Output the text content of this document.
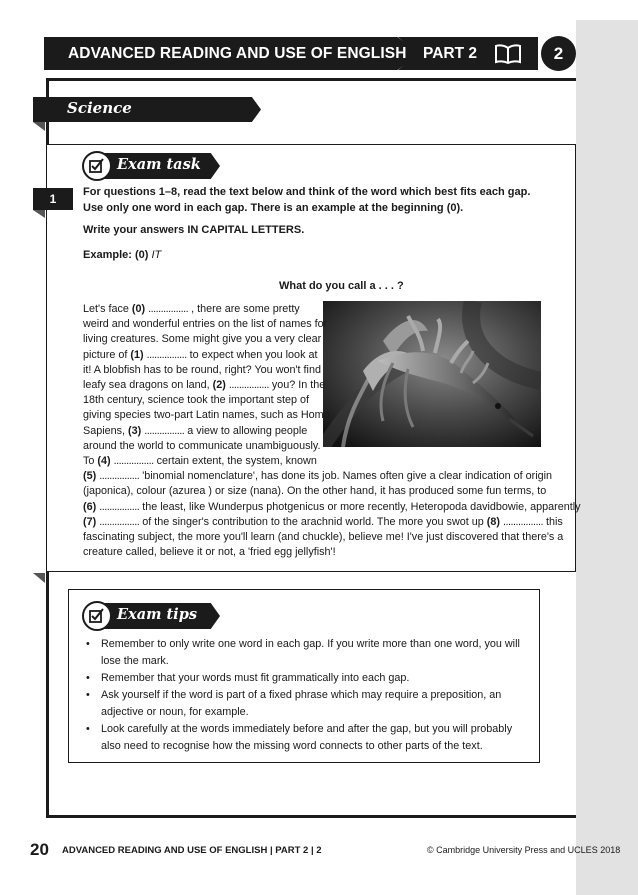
ADVANCED READING AND USE OF ENGLISH PART 2	2
Science
Exam task
1	For questions 1–8, read the text below and think of the word which best fits each gap. Use only one word in each gap. There is an example at the beginning (0).
Write your answers IN CAPITAL LETTERS.
Example: (0) IT
What do you call a . . . ?
Let's face (0) ................ , there are some pretty
weird and wonderful entries on the list of names for
living creatures. Some might give you a very clear
picture of (1) ................ to expect when you look at
it! A blobfish has to be round, right? You won't find
leafy sea dragons on land, (2) ................ you? In the
18th century, science took the important step of
giving species two-part Latin names, such as Homo
Sapiens, (3) ................ a view to allowing people
around the world to communicate unambiguously.
To (4) ................ certain extent, the system, known
(5) ................ 'binomial nomenclature', has done its job. Names often give a clear indication of origin
(japonica), colour (azurea ) or size (nana). On the other hand, it has produced some fun terms, to
(6) ................ the least, like Wunderpus photgenicus or more recently, Heteropoda davidbowie, apparently
(7) ................ of the singer's contribution to the arachnid world. The more you swot up (8) ................ this
fascinating subject, the more you'll learn (and chuckle), believe me! I've just discovered that there's a
creature called, believe it or not, a 'fried egg jellyfish'!
Exam tips
• Remember to only write one word in each gap. If you write more than one word, you will lose the mark.
• Remember that your words must fit grammatically into each gap.
• Ask yourself if the word is part of a fixed phrase which may require a preposition, an adjective or noun, for example.
• Look carefully at the words immediately before and after the gap, but you will probably also need to recognise how the missing word connects to other parts of the text.
20 ADVANCED READING AND USE OF ENGLISH | PART 2 | 2	© Cambridge University Press and UCLES 2018
